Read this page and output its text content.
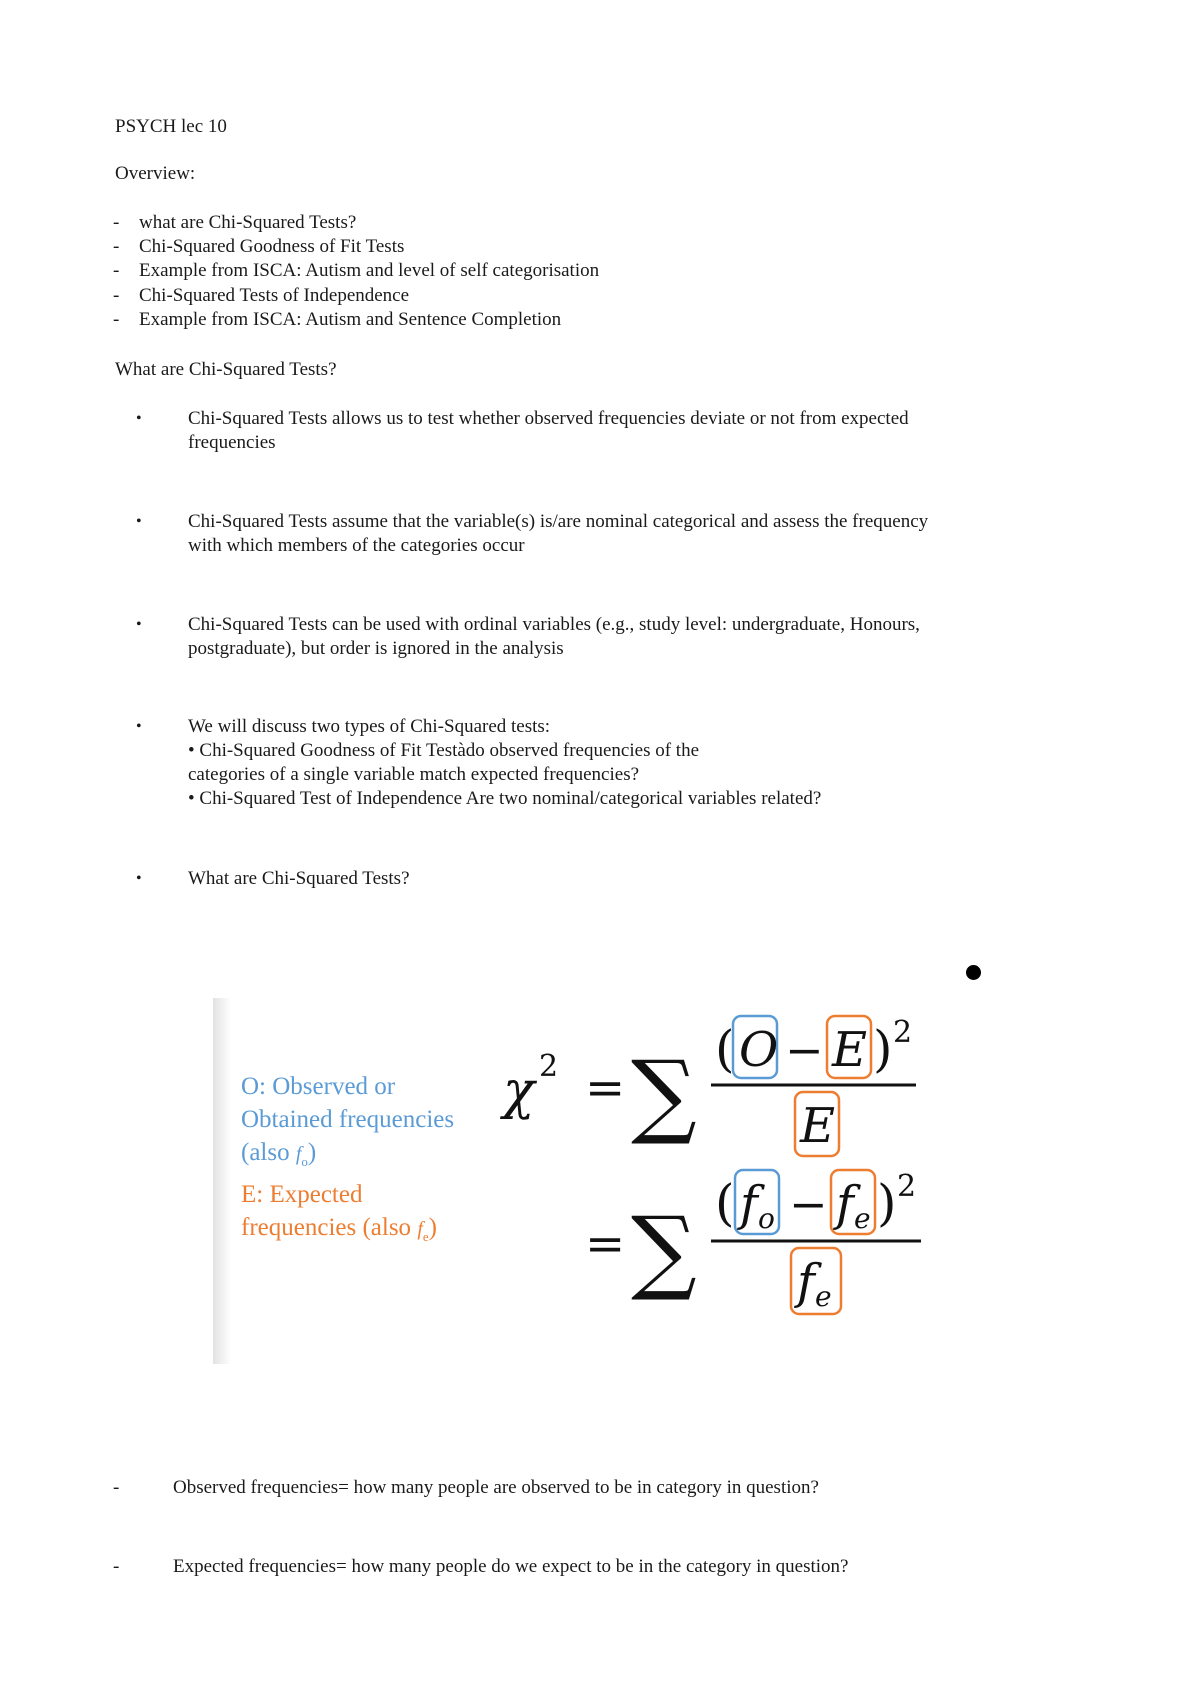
PSYCH lec 10
Overview:
- what are Chi-Squared Tests?
- Chi-Squared Goodness of Fit Tests
- Example from ISCA: Autism and level of self categorisation
- Chi-Squared Tests of Independence
- Example from ISCA: Autism and Sentence Completion
What are Chi-Squared Tests?
• Chi-Squared Tests allows us to test whether observed frequencies deviate or not from expected
frequencies
• Chi-Squared Tests assume that the variable(s) is/are nominal categorical and assess the frequency
with which members of the categories occur
• Chi-Squared Tests can be used with ordinal variables (e.g., study level: undergraduate, Honours,
postgraduate), but order is ignored in the analysis
• We will discuss two types of Chi-Squared tests:
• Chi-Squared Goodness of Fit Testàdo observed frequencies of the
categories of a single variable match expected frequencies?
• Chi-Squared Test of Independence Are two nominal/categorical variables related?
• What are Chi-Squared Tests?
O: Observed or
Obtained frequencies
(also $f_o$)
E: Expected
frequencies (also $f_e$)
χ 2 = ∑ ( O − E ) 2
E
= ∑ ( f o − f e ) 2
f e
-	Observed frequencies= how many people are observed to be in category in question?
-	Expected frequencies= how many people do we expect to be in the category in question?
